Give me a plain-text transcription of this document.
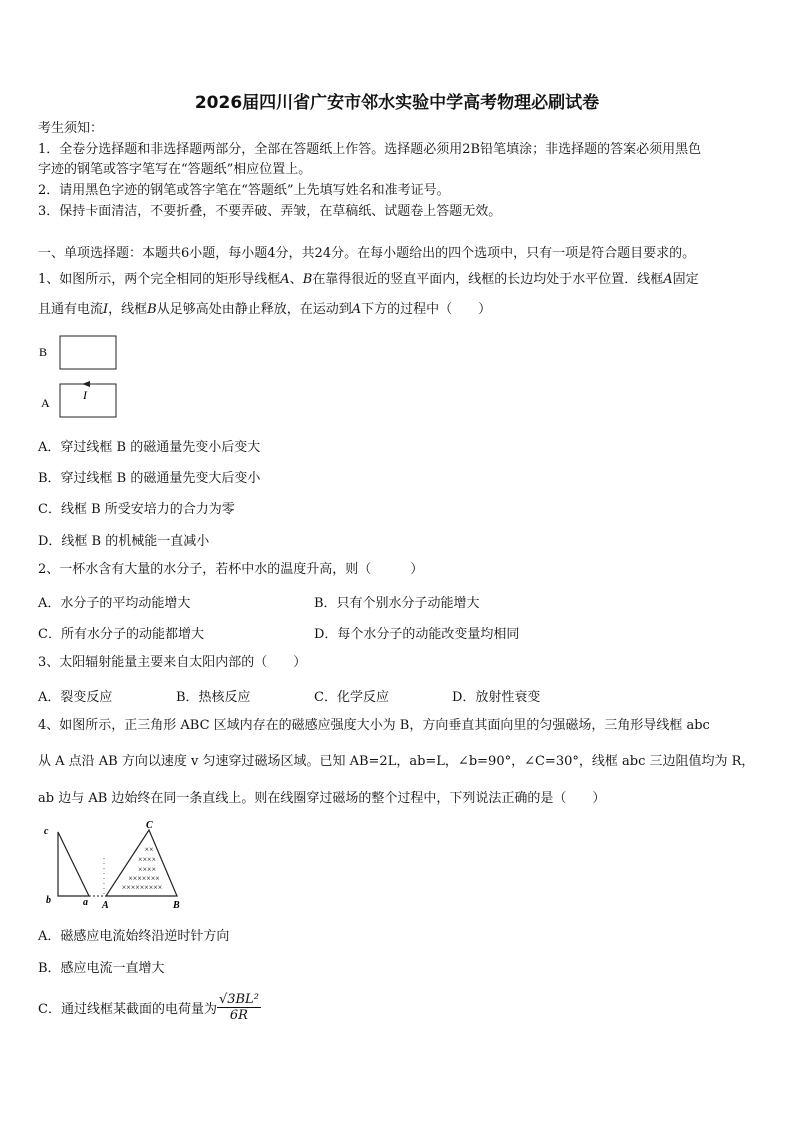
2026届四川省广安市邻水实验中学高考物理必刷试卷
考生须知：
1．全卷分选择题和非选择题两部分，全部在答题纸上作答。选择题必须用2B铅笔填涂；非选择题的答案必须用黑色
字迹的钢笔或答字笔写在“答题纸”相应位置上。
2．请用黑色字迹的钢笔或答字笔在“答题纸”上先填写姓名和准考证号。
3．保持卡面清洁，不要折叠，不要弄破、弄皱，在草稿纸、试题卷上答题无效。
一、单项选择题：本题共6小题，每小题4分，共24分。在每小题给出的四个选项中，只有一项是符合题目要求的。
1、如图所示，两个完全相同的矩形导线框A、B在靠得很近的竖直平面内，线框的长边均处于水平位置．线框A固定
且通有电流I，线框B从足够高处由静止释放，在运动到A下方的过程中（　　）
B
A
I
A．穿过线框 B 的磁通量先变小后变大
B．穿过线框 B 的磁通量先变大后变小
C．线框 B 所受安培力的合力为零
D．线框 B 的机械能一直减小
2、一杯水含有大量的水分子，若杯中水的温度升高，则（　　　）
A．水分子的平均动能增大	B．只有个别水分子动能增大
C．所有水分子的动能都增大	D．每个水分子的动能改变量均相同
3、太阳辐射能量主要来自太阳内部的（　　）
A．裂变反应	B．热核反应	C．化学反应	D．放射性衰变
4、如图所示，正三角形 ABC 区域内存在的磁感应强度大小为 B，方向垂直其面向里的匀强磁场，三角形导线框 abc
从 A 点沿 AB 方向以速度 v 匀速穿过磁场区域。已知 AB=2L，ab=L，∠b=90°，∠C=30°，线框 abc 三边阻值均为 R，
ab 边与 AB 边始终在同一条直线上。则在线圈穿过磁场的整个过程中，下列说法正确的是（　　）
××
××××
××××
×××××××
×××××××××
c
b	a A	B
C
A．磁感应电流始终沿逆时针方向
B．感应电流一直增大
C．通过线框某截面的电荷量为 $\frac{\text{√3BL²}}{6R}$
